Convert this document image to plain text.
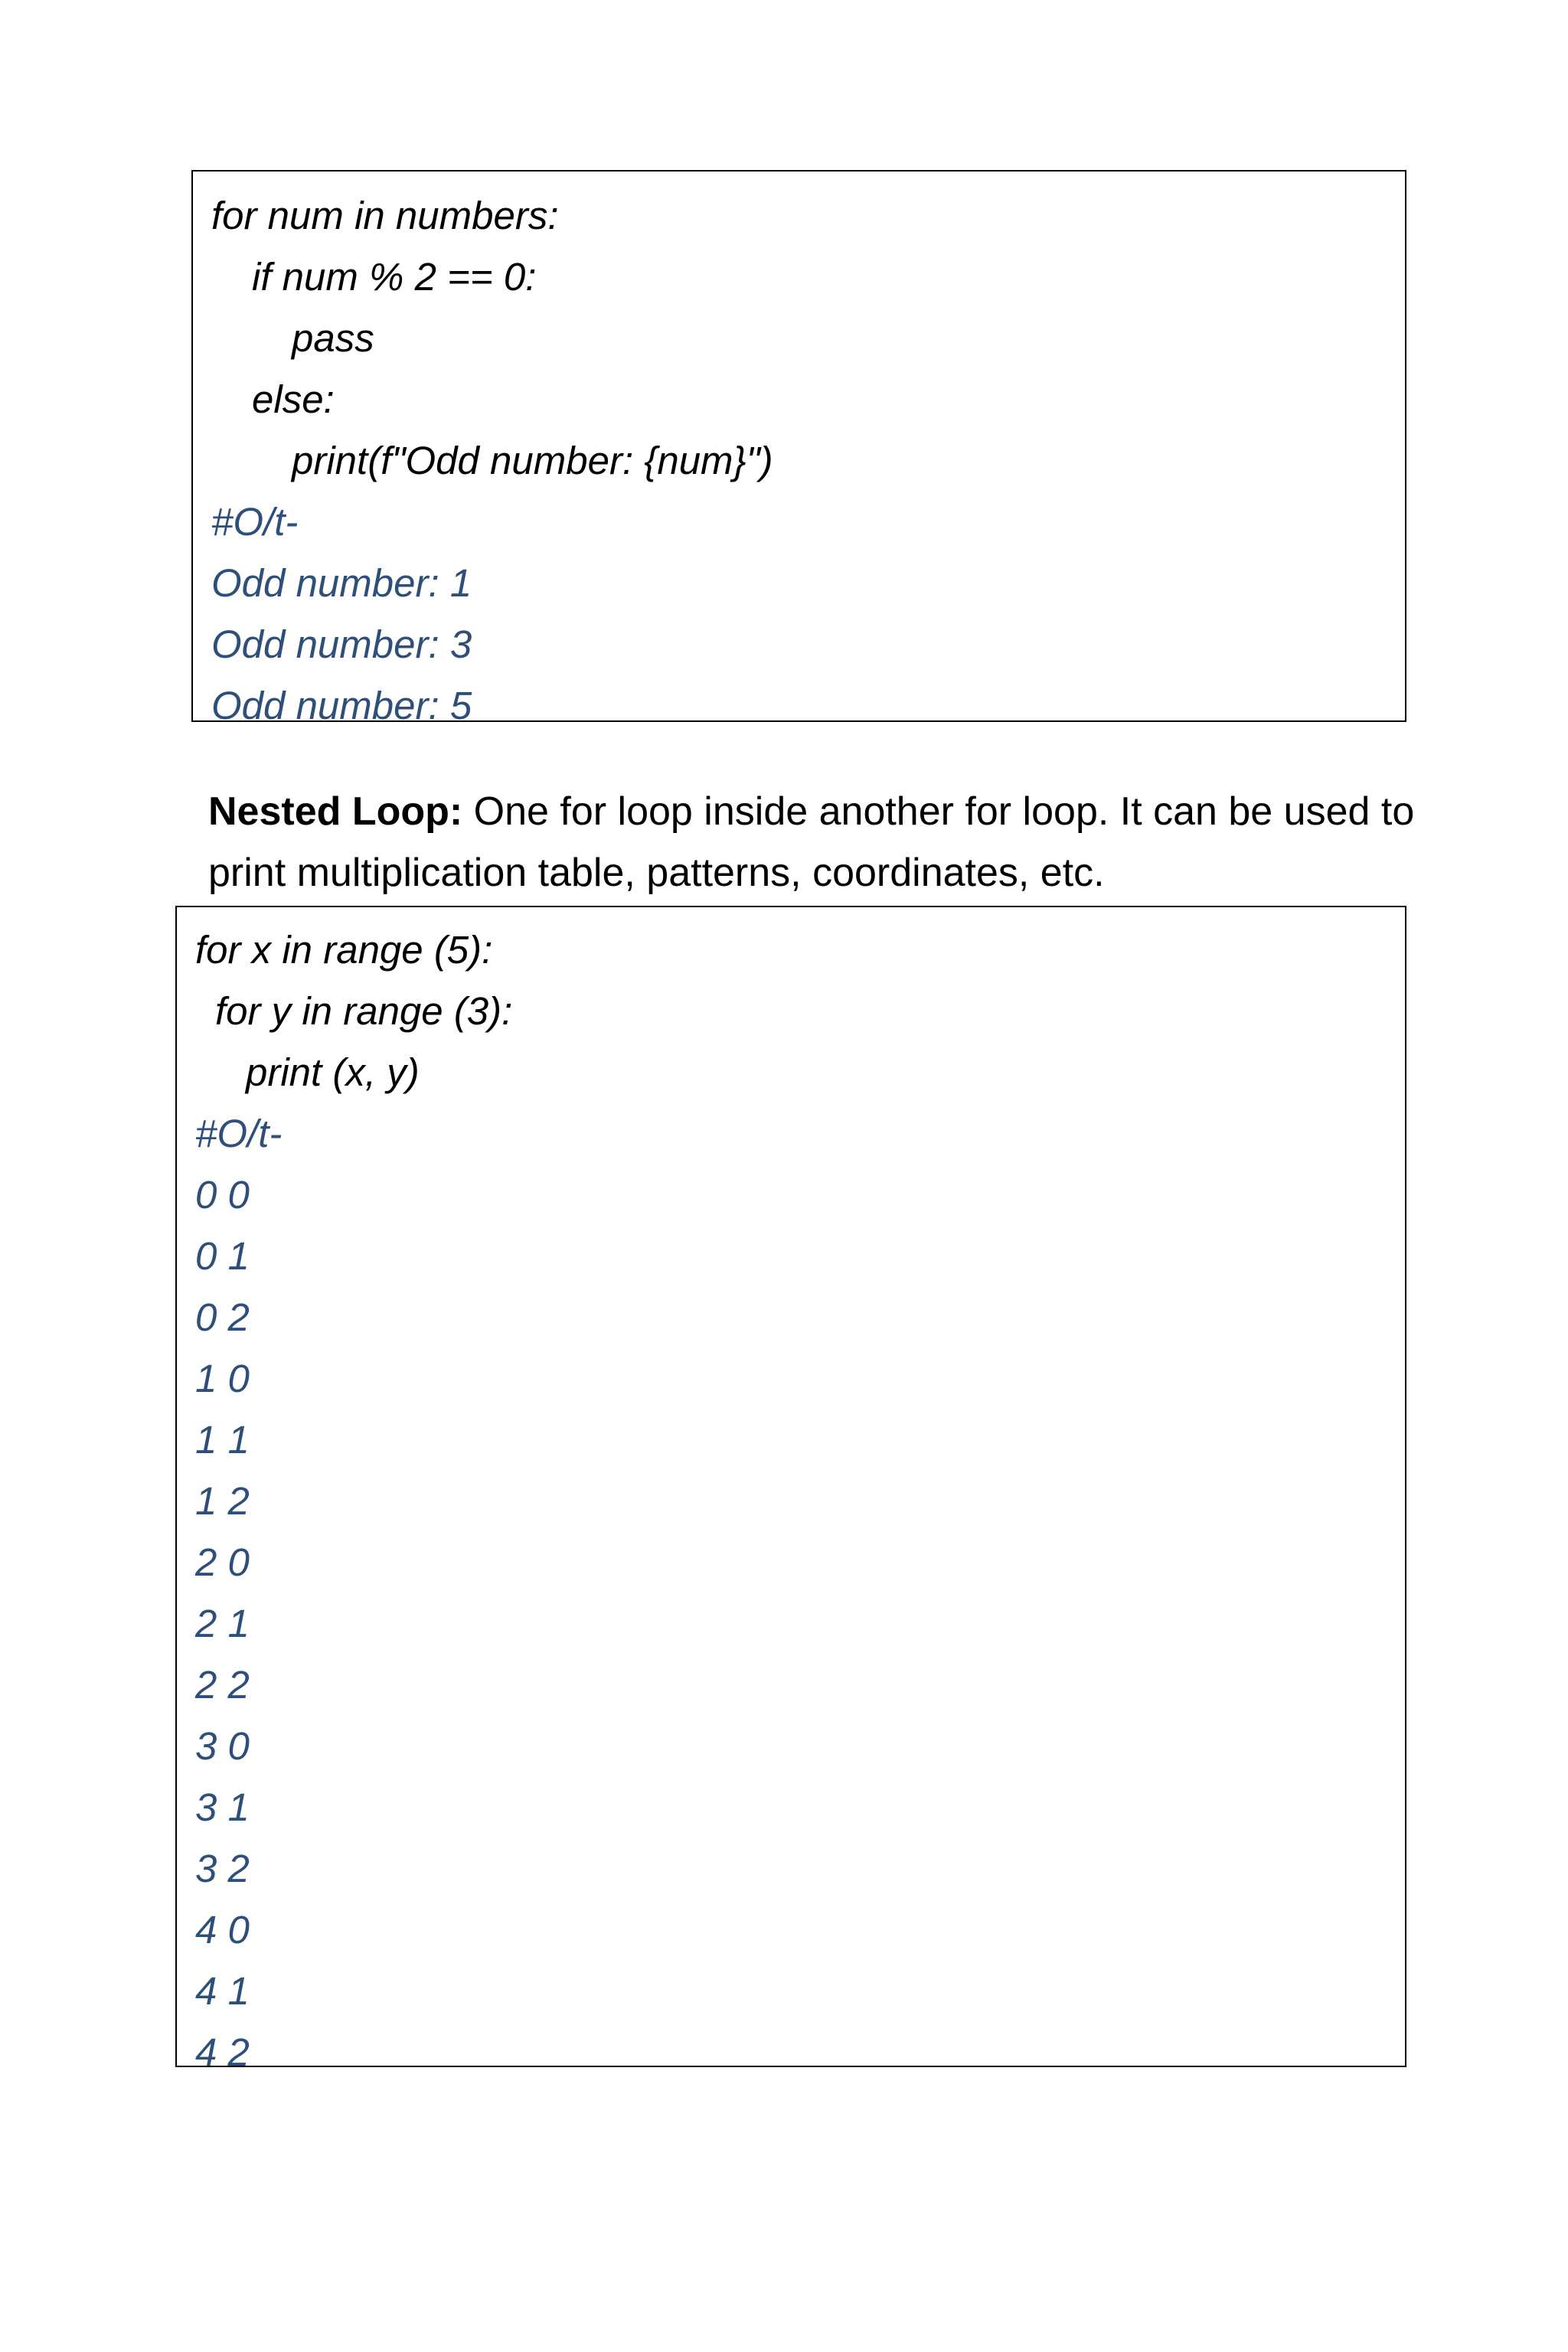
for num in numbers:
if num % 2 == 0:
pass
else:
print(f"Odd number: {num}")
#O/t-
Odd number: 1
Odd number: 3
Odd number: 5
Nested Loop: One for loop inside another for loop. It can be used to print multiplication table, patterns, coordinates, etc.
for x in range (5):
for y in range (3):
print (x, y)
#O/t-
0 0
0 1
0 2
1 0
1 1
1 2
2 0
2 1
2 2
3 0
3 1
3 2
4 0
4 1
4 2
